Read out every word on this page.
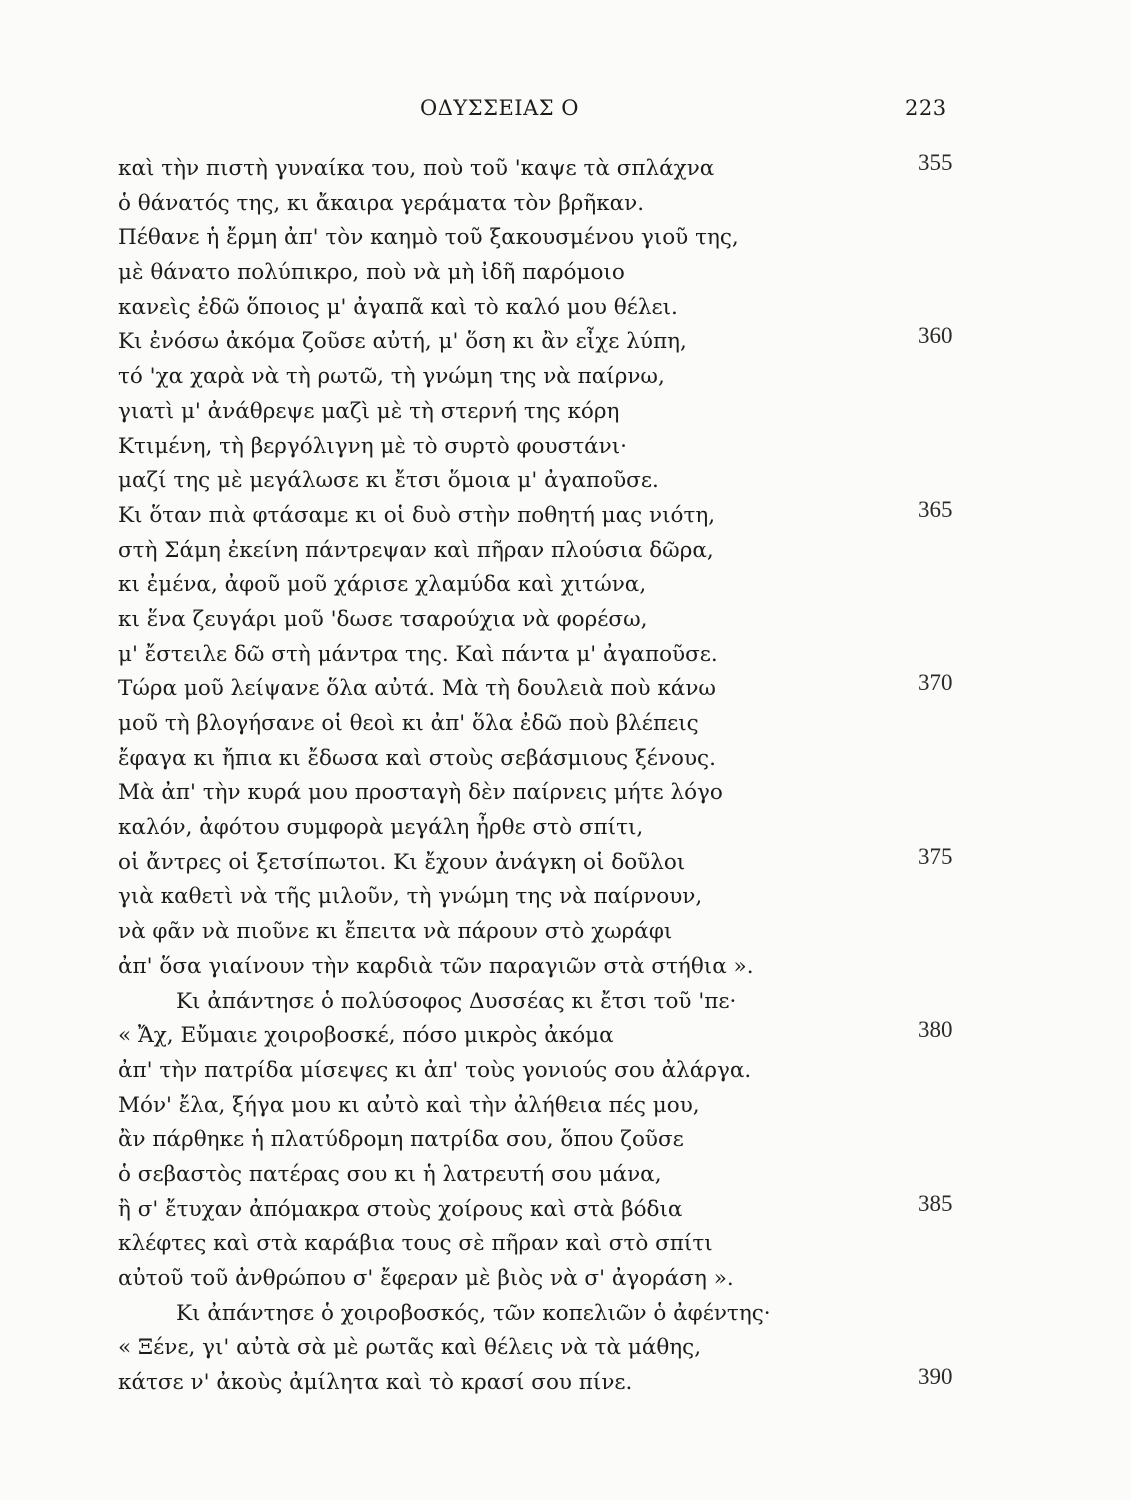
ΟΔΥΣΣΕΙΑΣ Ο	223
καὶ τὴν πιστὴ γυναίκα του, ποὺ τοῦ 'καψε τὰ σπλάχνα	355
ὁ θάνατός της, κι ἄκαιρα γεράματα τὸν βρῆκαν.
Πέθανε ἡ ἔρμη ἀπ' τὸν καημὸ τοῦ ξακουσμένου γιοῦ της,
μὲ θάνατο πολύπικρο, ποὺ νὰ μὴ ἰδῆ παρόμοιο
κανεὶς ἐδῶ ὅποιος μ' ἀγαπᾶ καὶ τὸ καλό μου θέλει.
Κι ἐνόσω ἀκόμα ζοῦσε αὐτή, μ' ὅση κι ἂν εἶχε λύπη,	360
τό 'χα χαρὰ νὰ τὴ ρωτῶ, τὴ γνώμη της νὰ παίρνω,
γιατὶ μ' ἀνάθρεψε μαζὶ μὲ τὴ στερνή της κόρη
Κτιμένη, τὴ βεργόλιγνη μὲ τὸ συρτὸ φουστάνι·
μαζί της μὲ μεγάλωσε κι ἔτσι ὅμοια μ' ἀγαποῦσε.
Κι ὅταν πιὰ φτάσαμε κι οἱ δυὸ στὴν ποθητή μας νιότη,	365
στὴ Σάμη ἐκείνη πάντρεψαν καὶ πῆραν πλούσια δῶρα,
κι ἐμένα, ἀφοῦ μοῦ χάρισε χλαμύδα καὶ χιτώνα,
κι ἕνα ζευγάρι μοῦ 'δωσε τσαρούχια νὰ φορέσω,
μ' ἔστειλε δῶ στὴ μάντρα της. Καὶ πάντα μ' ἀγαποῦσε.
Τώρα μοῦ λείψανε ὅλα αὐτά. Μὰ τὴ δουλειὰ ποὺ κάνω	370
μοῦ τὴ βλογήσανε οἱ θεοὶ κι ἀπ' ὅλα ἐδῶ ποὺ βλέπεις
ἔφαγα κι ἤπια κι ἔδωσα καὶ στοὺς σεβάσμιους ξένους.
Μὰ ἀπ' τὴν κυρά μου προσταγὴ δὲν παίρνεις μήτε λόγο
καλόν, ἀφότου συμφορὰ μεγάλη ἦρθε στὸ σπίτι,
οἱ ἄντρες οἱ ξετσίπωτοι. Κι ἔχουν ἀνάγκη οἱ δοῦλοι	375
γιὰ καθετὶ νὰ τῆς μιλοῦν, τὴ γνώμη της νὰ παίρνουν,
νὰ φᾶν νὰ πιοῦνε κι ἔπειτα νὰ πάρουν στὸ χωράφι
ἀπ' ὅσα γιαίνουν τὴν καρδιὰ τῶν παραγιῶν στὰ στήθια ».
Κι ἀπάντησε ὁ πολύσοφος Δυσσέας κι ἔτσι τοῦ 'πε·
« Ἄχ, Εὔμαιε χοιροβοσκέ, πόσο μικρὸς ἀκόμα	380
ἀπ' τὴν πατρίδα μίσεψες κι ἀπ' τοὺς γονιούς σου ἀλάργα.
Μόν' ἔλα, ξήγα μου κι αὐτὸ καὶ τὴν ἀλήθεια πές μου,
ἂν πάρθηκε ἡ πλατύδρομη πατρίδα σου, ὅπου ζοῦσε
ὁ σεβαστὸς πατέρας σου κι ἡ λατρευτή σου μάνα,
ἢ σ' ἔτυχαν ἀπόμακρα στοὺς χοίρους καὶ στὰ βόδια	385
κλέφτες καὶ στὰ καράβια τους σὲ πῆραν καὶ στὸ σπίτι
αὐτοῦ τοῦ ἀνθρώπου σ' ἔφεραν μὲ βιὸς νὰ σ' ἀγοράση ».
Κι ἀπάντησε ὁ χοιροβοσκός, τῶν κοπελιῶν ὁ ἀφέντης·
« Ξένε, γι' αὐτὰ σὰ μὲ ρωτᾶς καὶ θέλεις νὰ τὰ μάθης,
κάτσε ν' ἀκοὺς ἀμίλητα καὶ τὸ κρασί σου πίνε.	390
